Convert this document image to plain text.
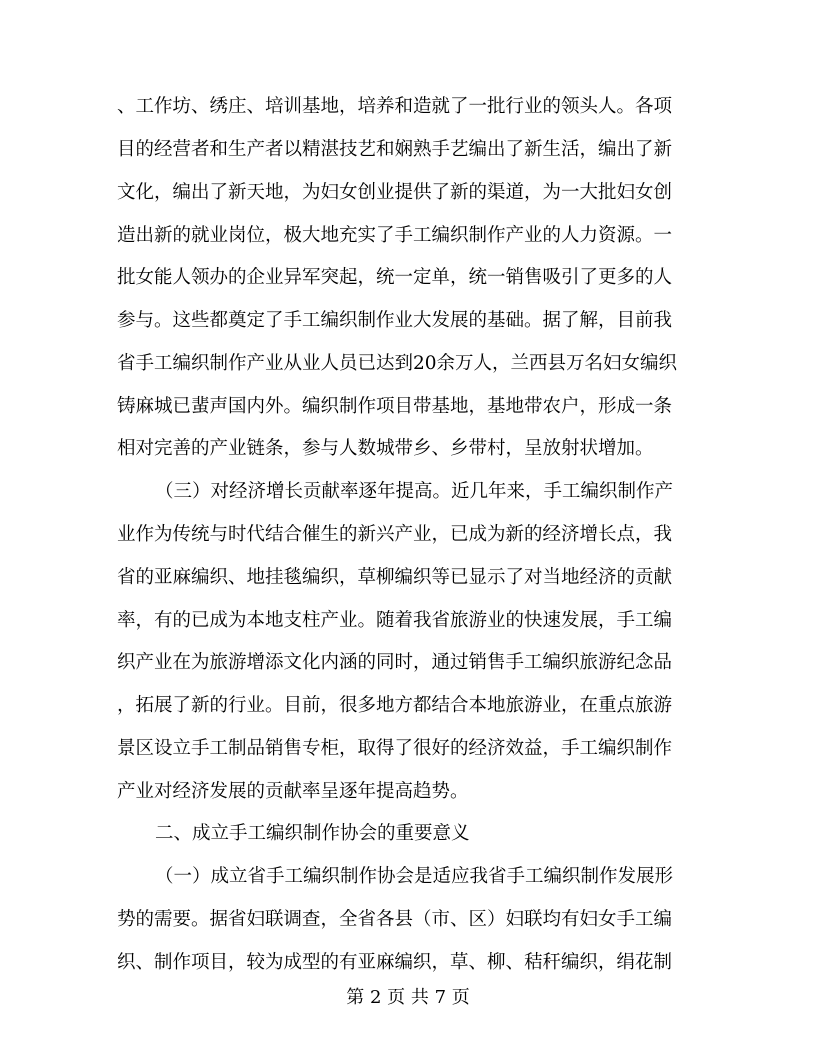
、工作坊、绣庄、培训基地，培养和造就了一批行业的领头人。各项
目的经营者和生产者以精湛技艺和娴熟手艺编出了新生活，编出了新
文化，编出了新天地，为妇女创业提供了新的渠道，为一大批妇女创
造出新的就业岗位，极大地充实了手工编织制作产业的人力资源。一
批女能人领办的企业异军突起，统一定单，统一销售吸引了更多的人
参与。这些都奠定了手工编织制作业大发展的基础。据了解，目前我
省手工编织制作产业从业人员已达到20余万人，兰西县万名妇女编织
铸麻城已蜚声国内外。编织制作项目带基地，基地带农户，形成一条
相对完善的产业链条，参与人数城带乡、乡带村，呈放射状增加。
（三）对经济增长贡献率逐年提高。近几年来，手工编织制作产
业作为传统与时代结合催生的新兴产业，已成为新的经济增长点，我
省的亚麻编织、地挂毯编织，草柳编织等已显示了对当地经济的贡献
率，有的已成为本地支柱产业。随着我省旅游业的快速发展，手工编
织产业在为旅游增添文化内涵的同时，通过销售手工编织旅游纪念品
，拓展了新的行业。目前，很多地方都结合本地旅游业，在重点旅游
景区设立手工制品销售专柜，取得了很好的经济效益，手工编织制作
产业对经济发展的贡献率呈逐年提高趋势。
二、成立手工编织制作协会的重要意义
（一）成立省手工编织制作协会是适应我省手工编织制作发展形
势的需要。据省妇联调查，全省各县（市、区）妇联均有妇女手工编
织、制作项目，较为成型的有亚麻编织，草、柳、秸秆编织，绢花制
第 2 页 共 7 页
